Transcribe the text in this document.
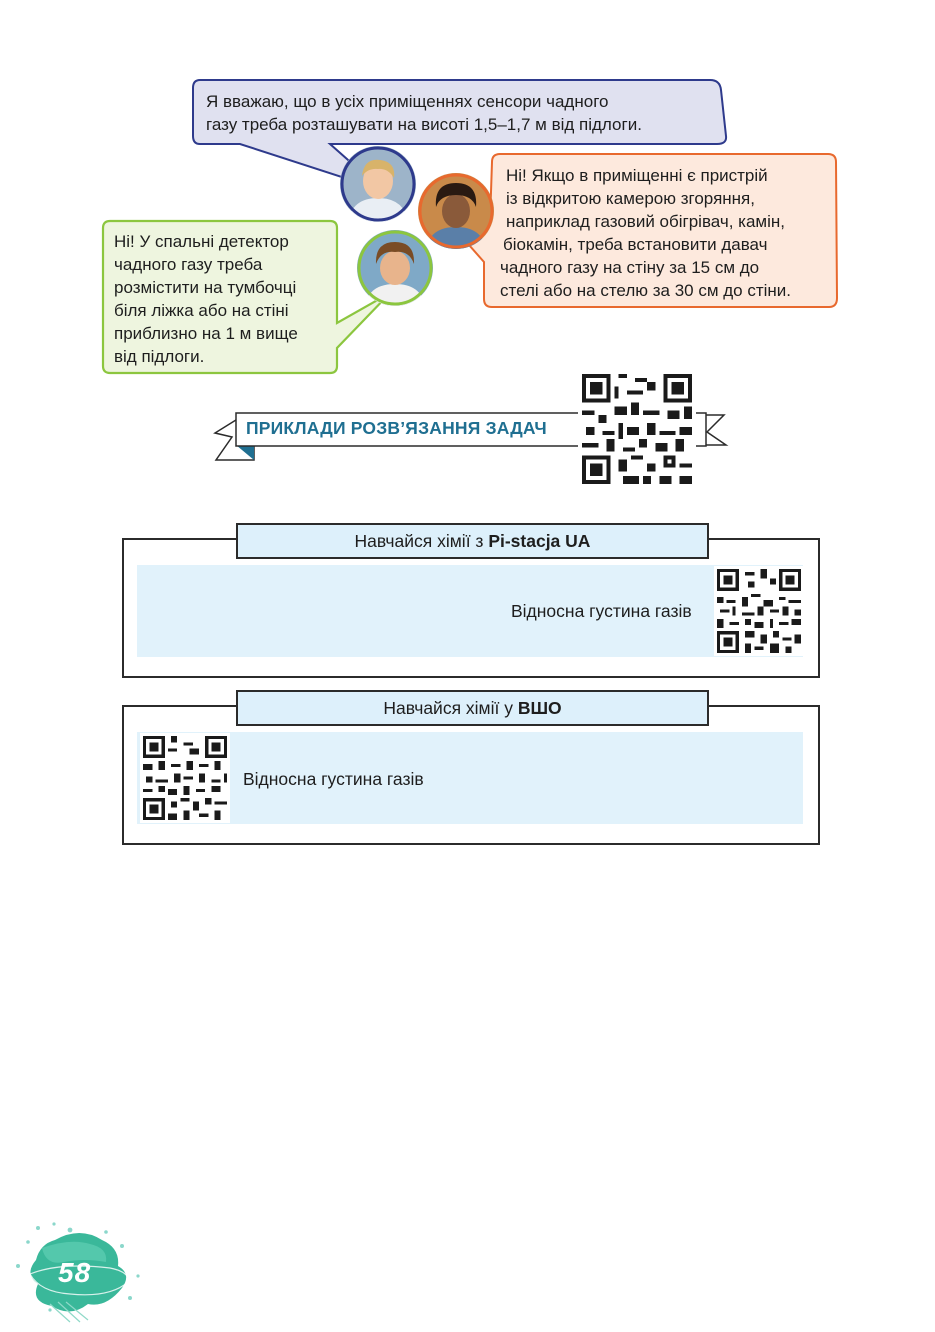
Я вважаю, що в усіх приміщеннях сенсори чадного
газу треба розташувати на висоті 1,5–1,7 м від підлоги.
Ні! Якщо в приміщенні є пристрій
із відкритою камерою згоряння,
наприклад газовий обігрівач, камін,
біокамін, треба встановити давач
чадного газу на стіну за 15 см до
стелі або на стелю за 30 см до стіни.
Ні! У спальні детектор
чадного газу треба
розмістити на тумбочці
біля ліжка або на стіні
приблизно на 1 м вище
від підлоги.
ПРИКЛАДИ РОЗВ’ЯЗАННЯ ЗАДАЧ
Навчайся хімії з Pi-stacja UA
Відносна густина газів
Навчайся хімії у ВШО
Відносна густина газів
58
